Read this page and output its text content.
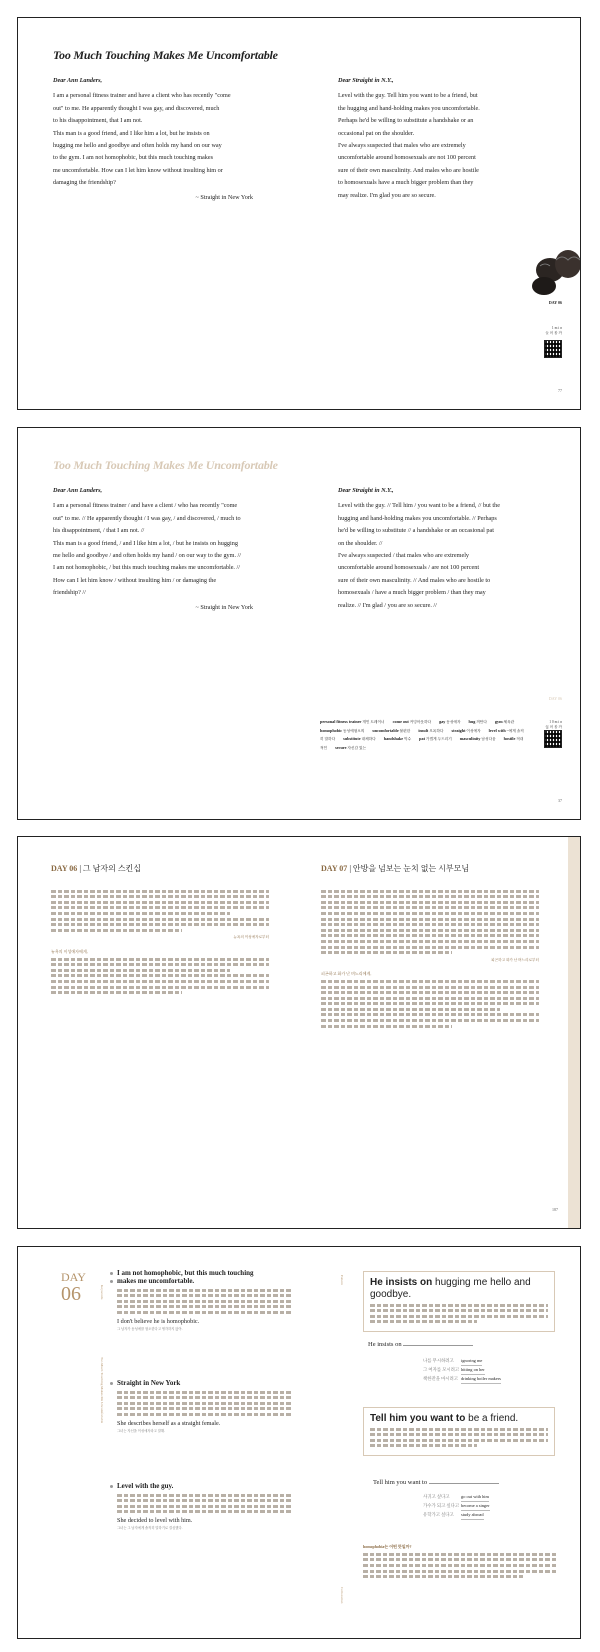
Too Much Touching Makes Me Uncomfortable
Dear Ann Landers,
I am a personal fitness trainer and have a client who has recently "come
out" to me. He apparently thought I was gay, and discovered, much
to his disappointment, that I am not.
This man is a good friend, and I like him a lot, but he insists on
hugging me hello and goodbye and often holds my hand on our way
to the gym. I am not homophobic, but this much touching makes
me uncomfortable. How can I let him know without insulting him or
damaging the friendship?
~ Straight in New York
Dear Straight in N.Y.,
Level with the guy. Tell him you want to be a friend, but
the hugging and hand-holding makes you uncomfortable.
Perhaps he'd be willing to substitute a handshake or an
occasional pat on the shoulder.
I've always suspected that males who are extremely
uncomfortable around homosexuals are not 100 percent
sure of their own masculinity. And males who are hostile
to homosexuals have a much bigger problem than they
may realize. I'm glad you are so secure.
DAY 06
1 m i n
들 어 볼 까
77
Too Much Touching Makes Me Uncomfortable
Dear Ann Landers,
I am a personal fitness trainer / and have a client / who has recently "come
out" to me. // He apparently thought / I was gay, / and discovered, / much to
his disappointment, / that I am not. //
This man is a good friend, / and I like him a lot, / but he insists on hugging
me hello and goodbye / and often holds my hand / on our way to the gym. //
I am not homophobic, / but this much touching makes me uncomfortable. //
How can I let him know / without insulting him / or damaging the
friendship? //
~ Straight in New York
Dear Straight in N.Y.,
Level with the guy. // Tell him / you want to be a friend, // but the
hugging and hand-holding makes you uncomfortable. // Perhaps
he'd be willing to substitute // a handshake or an occasional pat
on the shoulder. //
I've always suspected / that males who are extremely
uncomfortable around homosexuals / are not 100 percent
sure of their own masculinity. // And males who are hostile to
homosexuals / have a much bigger problem / than they may
realize. // I'm glad / you are so secure. //
DAY 06
personal fitness trainer 개인 트레이너 come out 커밍아웃하다 gay 동성애자 hug 껴안다 gym 체육관homophobic 동성애혐오의 uncomfortable 불편한 insult 모욕하다 straight 이성애자 level with ~에게 솔직히 말하다 substitute 대체하다 handshake 악수 pat 가볍게 두드리기 masculinity 남성다움 hostile 적대적인 secure 자신감 있는
1 0 m i n
끊 어 볼 까
37
DAY 06 | 그 남자의 스킨십	DAY 07 | 안방을 넘보는 눈치 없는 시부모님
뉴욕의 이성애자로부터
뉴욕의 이성애자에게,
피곤하고 화가 난 며느리로부터
피곤하고 화가 난 며느리에게,
187
DAY
06	Keywords
Too Much Touching Makes Me Uncomfortable
I am not homophobic, but this much touching
makes me uncomfortable.
I don't believe he is homophobic.
그 남자가 동성애를 혐오한다고 생각하지 않아.
Straight in New York
She describes herself as a straight female.
그녀는 자신을 이성애자라고 말해.
Level with the guy.
She decided to level with him.
그녀는 그 남자에게 솔직히 말하기로 결심했다.
Pattern
Collocation
He insists on hugging me hello and goodbye.
He insists on
나를 무시하려고	ignoring me
그 여자를 모시려고 hitting on her
책한잔을 마시려고 drinking boiler makers
Tell him you want to be a friend.
Tell him you want to
사귀고 싶다고	go out with him
가수가 되고 싶다고 become a singer
유학가고 싶다고	study abroad
homophobia는 어떤 뜻일까?
